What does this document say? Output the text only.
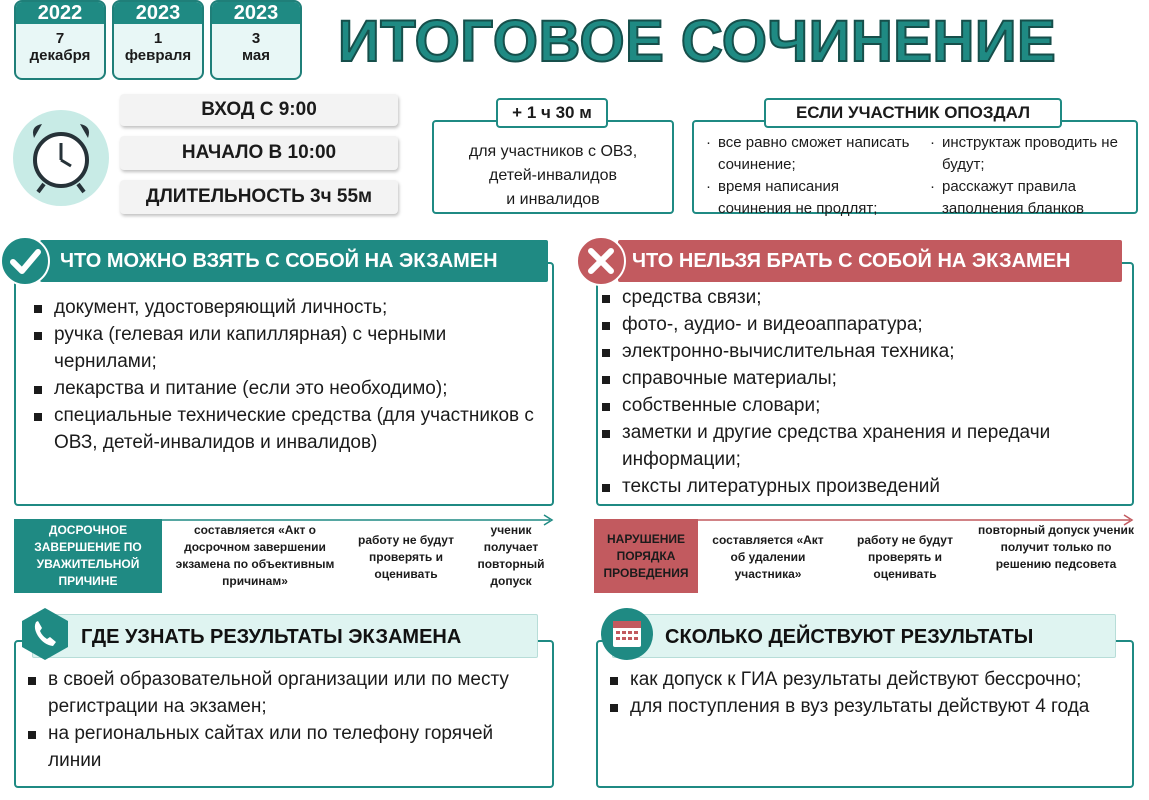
2022
7
декабря
2023
1
февраля
2023
3
мая	ИТОГОВОЕ СОЧИНЕНИЕ
ВХОД С 9:00
НАЧАЛО В 10:00
ДЛИТЕЛЬНОСТЬ 3ч 55м
для участников с ОВЗ,
детей-инвалидов
и инвалидов
+ 1 ч 30 м
· все равно сможет написать сочинение;
· время написания сочинения не продлят;
· инструктаж проводить не будут;
· расскажут правила заполнения бланков
ЕСЛИ УЧАСТНИК ОПОЗДАЛ
документ, удостоверяющий личность;
ручка (гелевая или капиллярная) с черными чернилами;
лекарства и питание (если это необходимо);
специальные технические средства (для участников с ОВЗ, детей-инвалидов и инвалидов)
ЧТО МОЖНО ВЗЯТЬ С СОБОЙ НА ЭКЗАМЕН
средства связи;
фото-, аудио- и видеоаппаратура;
электронно-вычислительная техника;
справочные материалы;
собственные словари;
заметки и другие средства хранения и передачи информации;
тексты литературных произведений
ЧТО НЕЛЬЗЯ БРАТЬ С СОБОЙ НА ЭКЗАМЕН
ДОСРОЧНОЕ ЗАВЕРШЕНИЕ ПО УВАЖИТЕЛЬНОЙ ПРИЧИНЕ
составляется «Акт о досрочном завершении экзамена по объективным причинам»
работу не будут проверять и оценивать
ученик получает повторный допуск
НАРУШЕНИЕ ПОРЯДКА ПРОВЕДЕНИЯ
составляется «Акт об удалении участника»
работу не будут проверять и оценивать
повторный допуск ученик получит только по решению педсовета
в своей образовательной организации или по месту регистрации на экзамен;
на региональных сайтах или по телефону горячей линии
ГДЕ УЗНАТЬ РЕЗУЛЬТАТЫ ЭКЗАМЕНА
как допуск к ГИА результаты действуют бессрочно;
для поступления в вуз результаты действуют 4 года
СКОЛЬКО ДЕЙСТВУЮТ РЕЗУЛЬТАТЫ
